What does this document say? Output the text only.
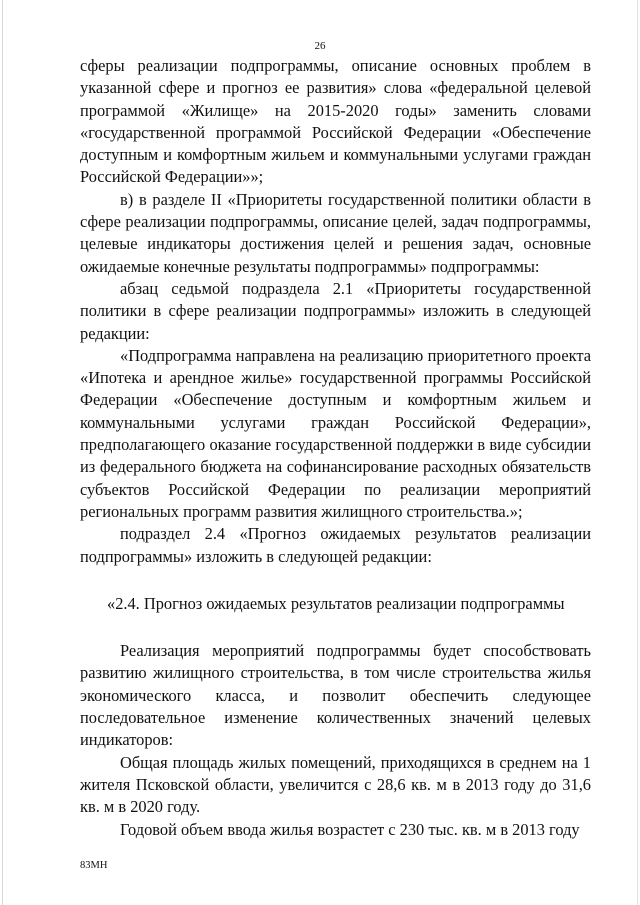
26

сферы реализации подпрограммы, описание основных проблем в указанной сфере и прогноз ее развития» слова «федеральной целевой программой «Жилище» на 2015-2020 годы» заменить словами «государственной программой Российской Федерации «Обеспечение доступным и комфортным жильем и коммунальными услугами граждан Российской Федерации»»;

в) в разделе II «Приоритеты государственной политики области в сфере реализации подпрограммы, описание целей, задач подпрограммы, целевые индикаторы достижения целей и решения задач, основные ожидаемые конечные результаты подпрограммы» подпрограммы:

абзац седьмой подраздела 2.1 «Приоритеты государственной политики в сфере реализации подпрограммы» изложить в следующей редакции:

«Подпрограмма направлена на реализацию приоритетного проекта «Ипотека и арендное жилье» государственной программы Российской Федерации «Обеспечение доступным и комфортным жильем и коммунальными услугами граждан Российской Федерации», предполагающего оказание государственной поддержки в виде субсидии из федерального бюджета на софинансирование расходных обязательств субъектов Российской Федерации по реализации мероприятий региональных программ развития жилищного строительства.»;

подраздел 2.4 «Прогноз ожидаемых результатов реализации подпрограммы» изложить в следующей редакции:

«2.4. Прогноз ожидаемых результатов реализации подпрограммы

Реализация мероприятий подпрограммы будет способствовать развитию жилищного строительства, в том числе строительства жилья экономического класса, и позволит обеспечить следующее последовательное изменение количественных значений целевых индикаторов:

Общая площадь жилых помещений, приходящихся в среднем на 1 жителя Псковской области, увеличится с 28,6 кв. м в 2013 году до 31,6 кв. м в 2020 году.

Годовой объем ввода жилья возрастет с 230 тыс. кв. м в 2013 году

83МН
